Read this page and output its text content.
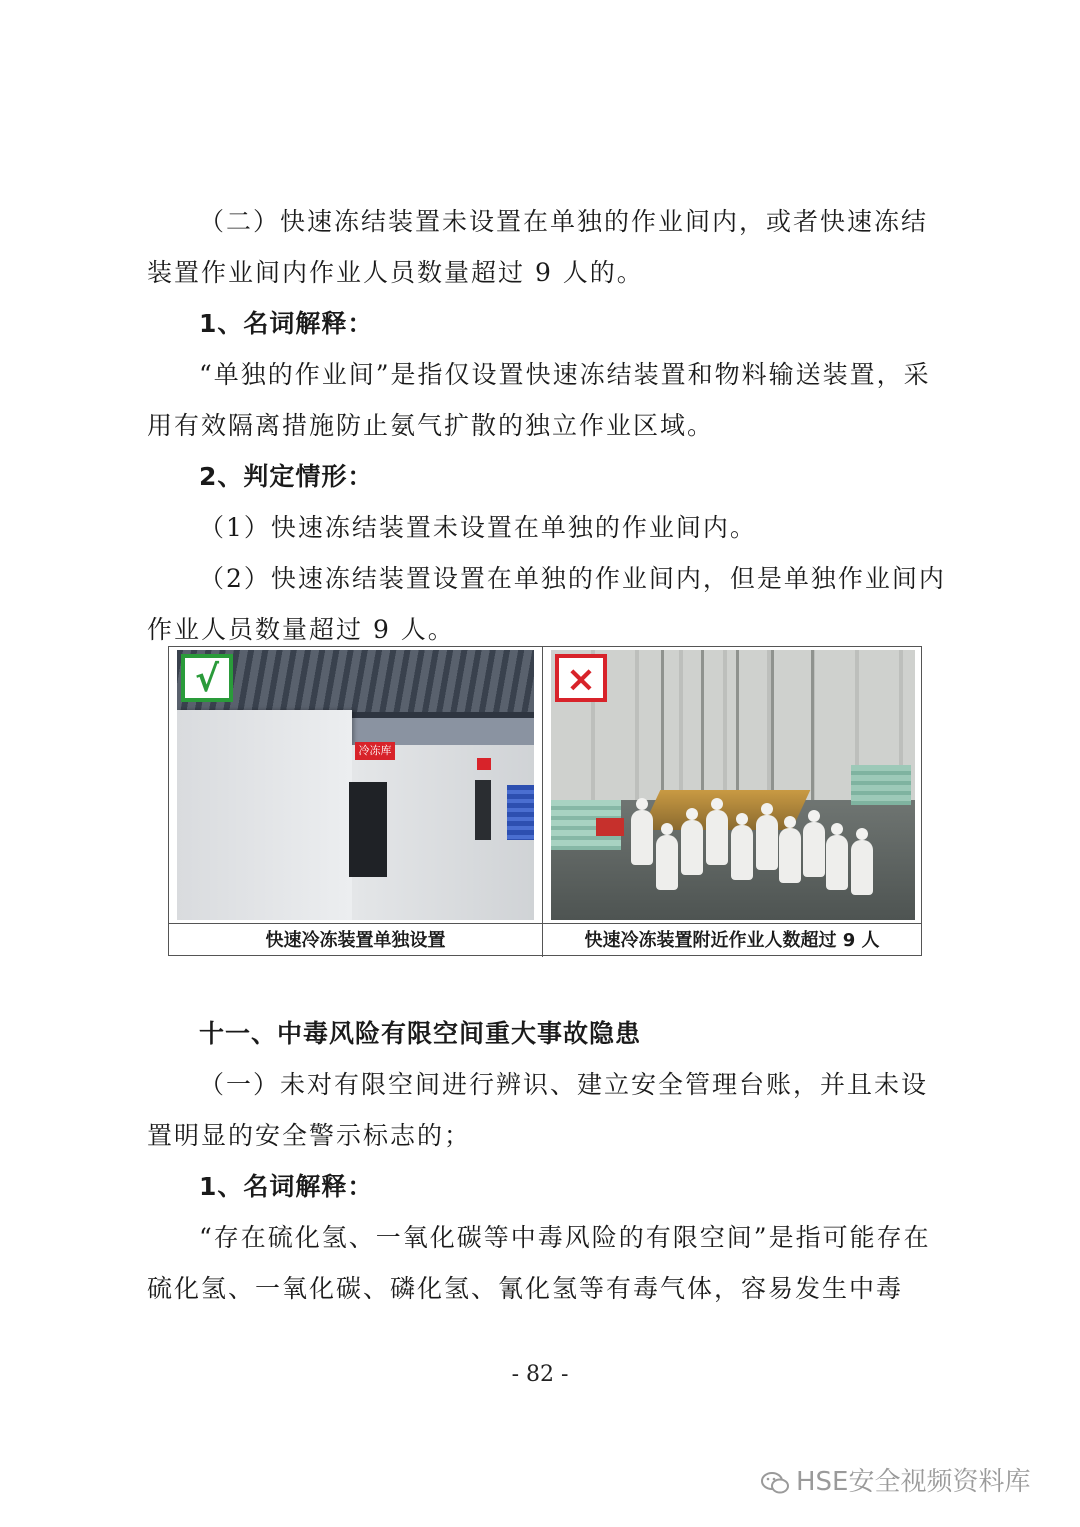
（二）快速冻结装置未设置在单独的作业间内，或者快速冻结装置作业间内作业人员数量超过 9 人的。

1、名词解释：

“单独的作业间”是指仅设置快速冻结装置和物料输送装置，采用有效隔离措施防止氨气扩散的独立作业区域。

2、判定情形：

（1）快速冻结装置未设置在单独的作业间内。

（2）快速冻结装置设置在单独的作业间内，但是单独作业间内作业人员数量超过 9 人。

冷冻库
√	×
快速冷冻装置单独设置	快速冷冻装置附近作业人数超过 9 人

十一、中毒风险有限空间重大事故隐患

（一）未对有限空间进行辨识、建立安全管理台账，并且未设置明显的安全警示标志的；

1、名词解释：

“存在硫化氢、一氧化碳等中毒风险的有限空间”是指可能存在硫化氢、一氧化碳、磷化氢、氰化氢等有毒气体，容易发生中毒

- 82 -
HSE安全视频资料库
